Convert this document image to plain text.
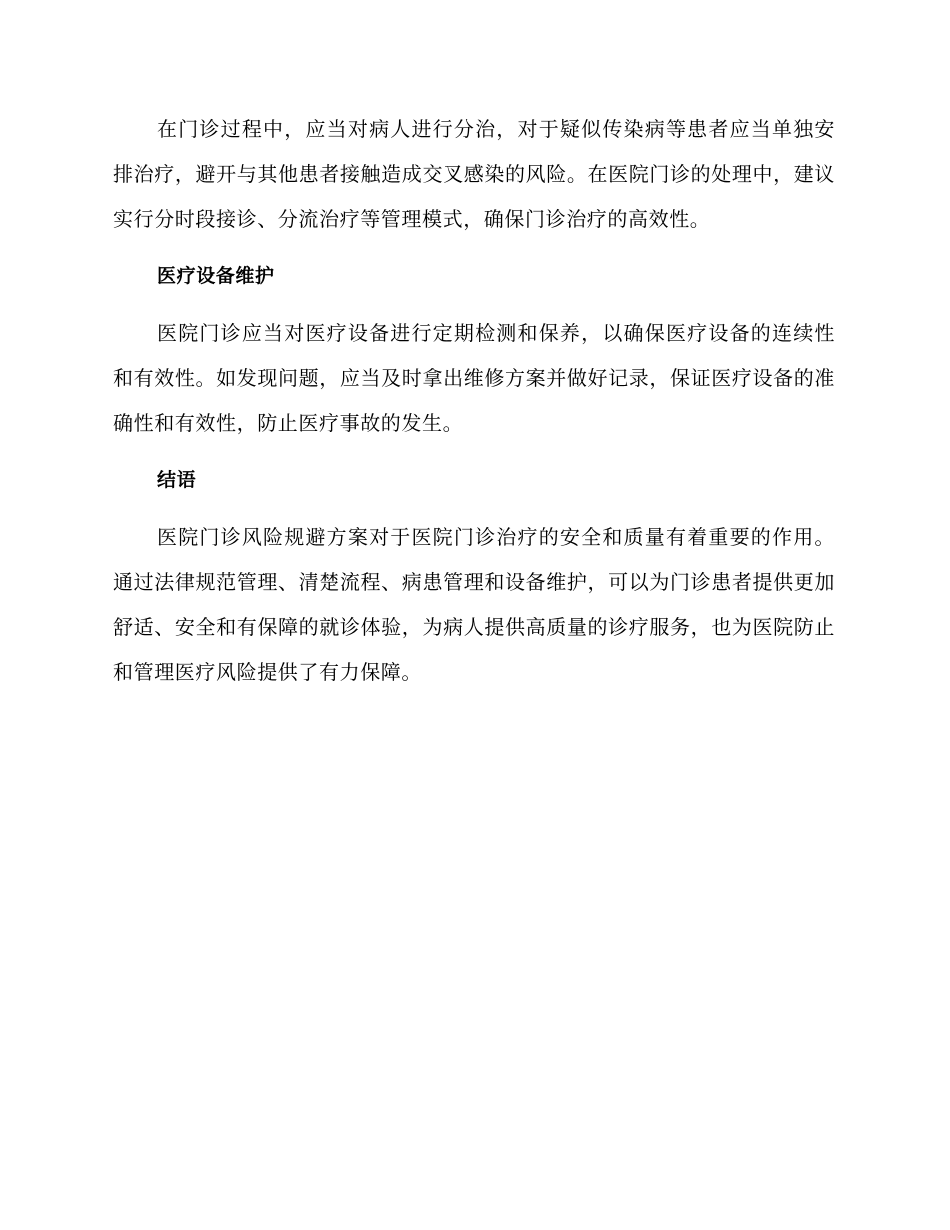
在门诊过程中，应当对病人进行分治，对于疑似传染病等患者应当单独安排治疗，避开与其他患者接触造成交叉感染的风险。在医院门诊的处理中，建议实行分时段接诊、分流治疗等管理模式，确保门诊治疗的高效性。

医疗设备维护

医院门诊应当对医疗设备进行定期检测和保养，以确保医疗设备的连续性和有效性。如发现问题，应当及时拿出维修方案并做好记录，保证医疗设备的准确性和有效性，防止医疗事故的发生。

结语

医院门诊风险规避方案对于医院门诊治疗的安全和质量有着重要的作用。通过法律规范管理、清楚流程、病患管理和设备维护，可以为门诊患者提供更加舒适、安全和有保障的就诊体验，为病人提供高质量的诊疗服务，也为医院防止和管理医疗风险提供了有力保障。
